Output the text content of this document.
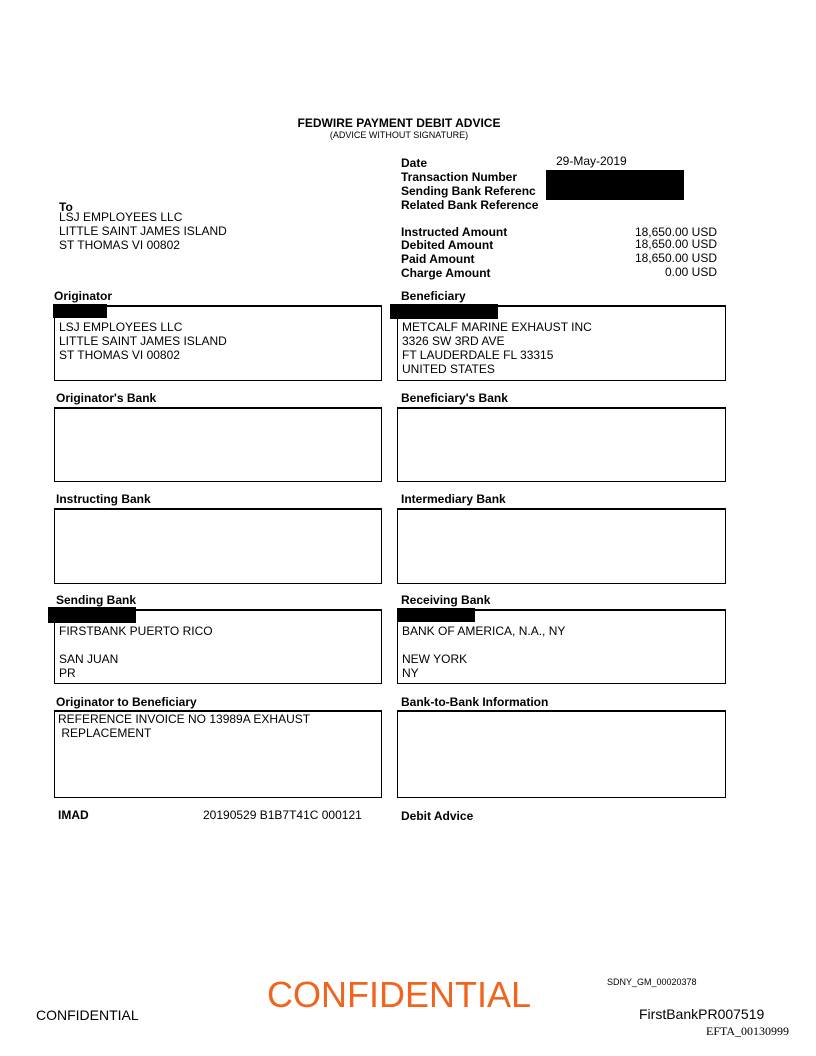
FEDWIRE PAYMENT DEBIT ADVICE
(ADVICE WITHOUT SIGNATURE)
To
LSJ EMPLOYEES LLC
LITTLE SAINT JAMES ISLAND
ST THOMAS VI 00802
Date	29-May-2019
Transaction Number
Sending Bank Referenc
Related Bank Reference
Instructed Amount	18,650.00 USD
Debited Amount	18,650.00 USD
Paid Amount	18,650.00 USD
Charge Amount	0.00 USD
Originator
LSJ EMPLOYEES LLC
LITTLE SAINT JAMES ISLAND
ST THOMAS VI 00802
Beneficiary
METCALF MARINE EXHAUST INC
3326 SW 3RD AVE
FT LAUDERDALE FL 33315
UNITED STATES
Originator's Bank	Beneficiary's Bank
Instructing Bank	Intermediary Bank
Sending Bank
FIRSTBANK PUERTO RICO

SAN JUAN
PR
Receiving Bank
BANK OF AMERICA, N.A., NY

NEW YORK
NY
Originator to Beneficiary
REFERENCE INVOICE NO 13989A EXHAUST
REPLACEMENT
Bank-to-Bank Information
IMAD	20190529 B1B7T41C 000121	Debit Advice
CONFIDENTIAL	CONFIDENTIAL	SDNY_GM_00020378
FirstBankPR007519
EFTA_00130999
